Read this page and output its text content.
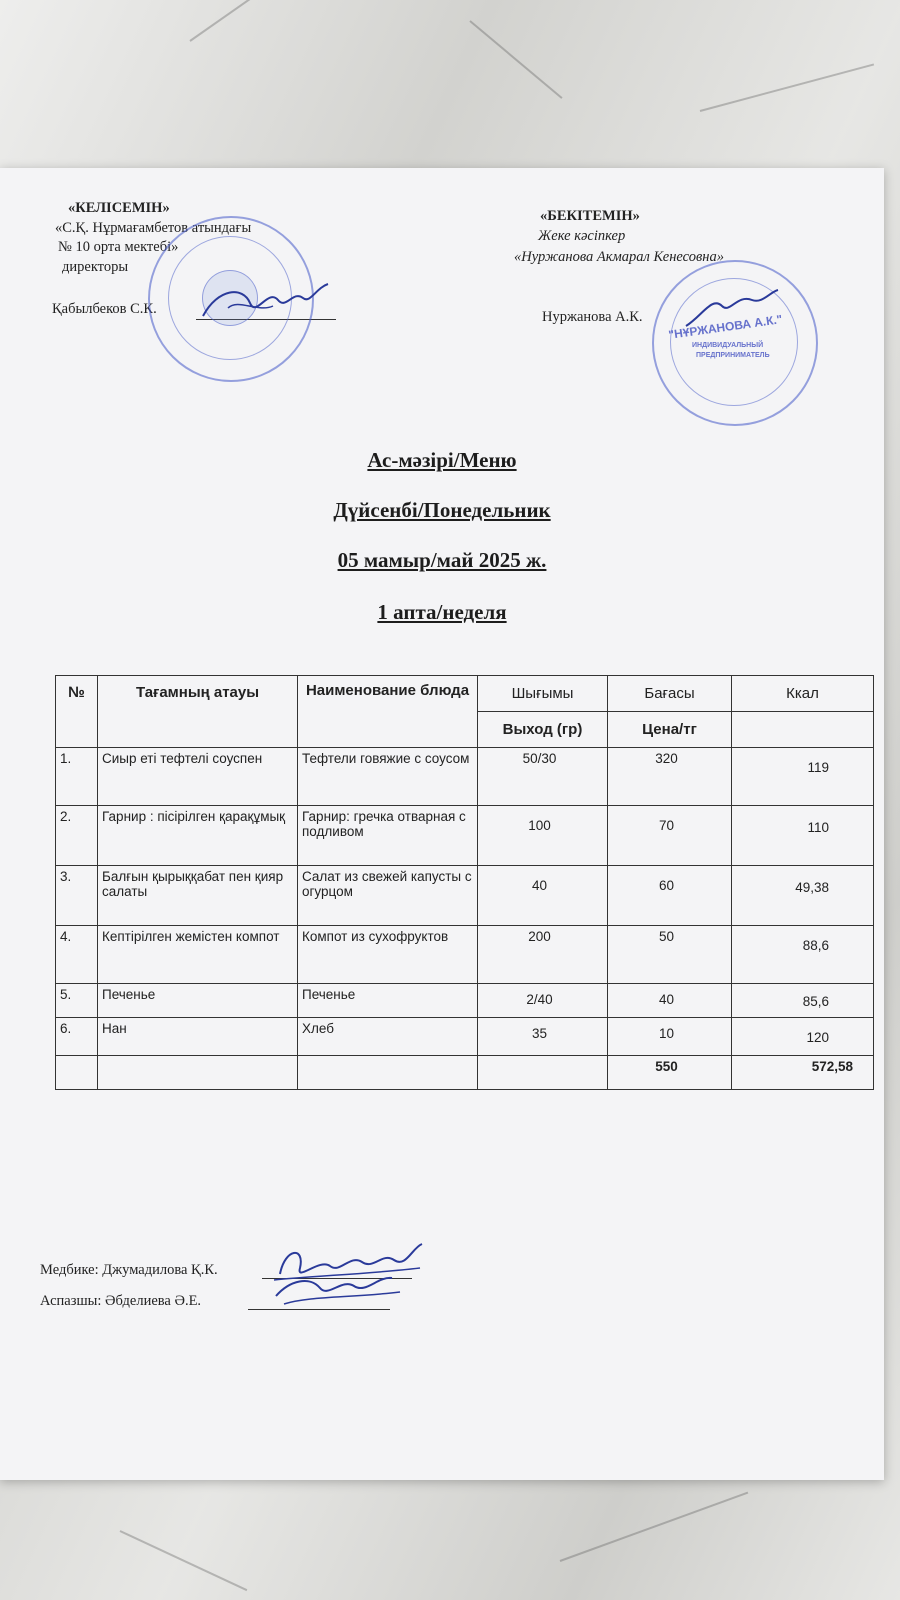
«КЕЛІСЕМІН»
«С.Қ. Нұрмағамбетов атындағы
№ 10 орта мектебі»
директоры
Қабылбеков С.К.
«БЕКІТЕМІН»
Жеке кәсіпкер
«Нуржанова Акмарал Кенесовна»
Нуржанова А.К. "НҰРЖАНОВА А.К."
ИНДИВИДУАЛЬНЫЙ
ПРЕДПРИНИМАТЕЛЬ
Ас-мәзірі/Меню
Дүйсенбі/Понедельник
05 мамыр/май 2025 ж.
1 апта/неделя
№	Тағамның атауы	Наименование блюда	Шығымы	Бағасы	Ккал
			Выход (гр)	Цена/тг	
1.	Сиыр еті тефтелі соуспен	Тефтели говяжие с соусом	50/30	320	119
2.	Гарнир : пісірілген қарақұмық	Гарнир: гречка отварная с подливом	100	70	110
3.	Балғын қырыққабат пен қияр салаты	Салат из свежей капусты с огурцом	40	60	49,38
4.	Кептірілген жемістен компот	Компот из сухофруктов	200	50	88,6
5.	Печенье	Печенье	2/40	40	85,6
6.	Нан	Хлеб	35	10	120
				550	572,58
Медбике: Джумадилова Қ.К.
Аспазшы: Әбделиева Ә.Е.
